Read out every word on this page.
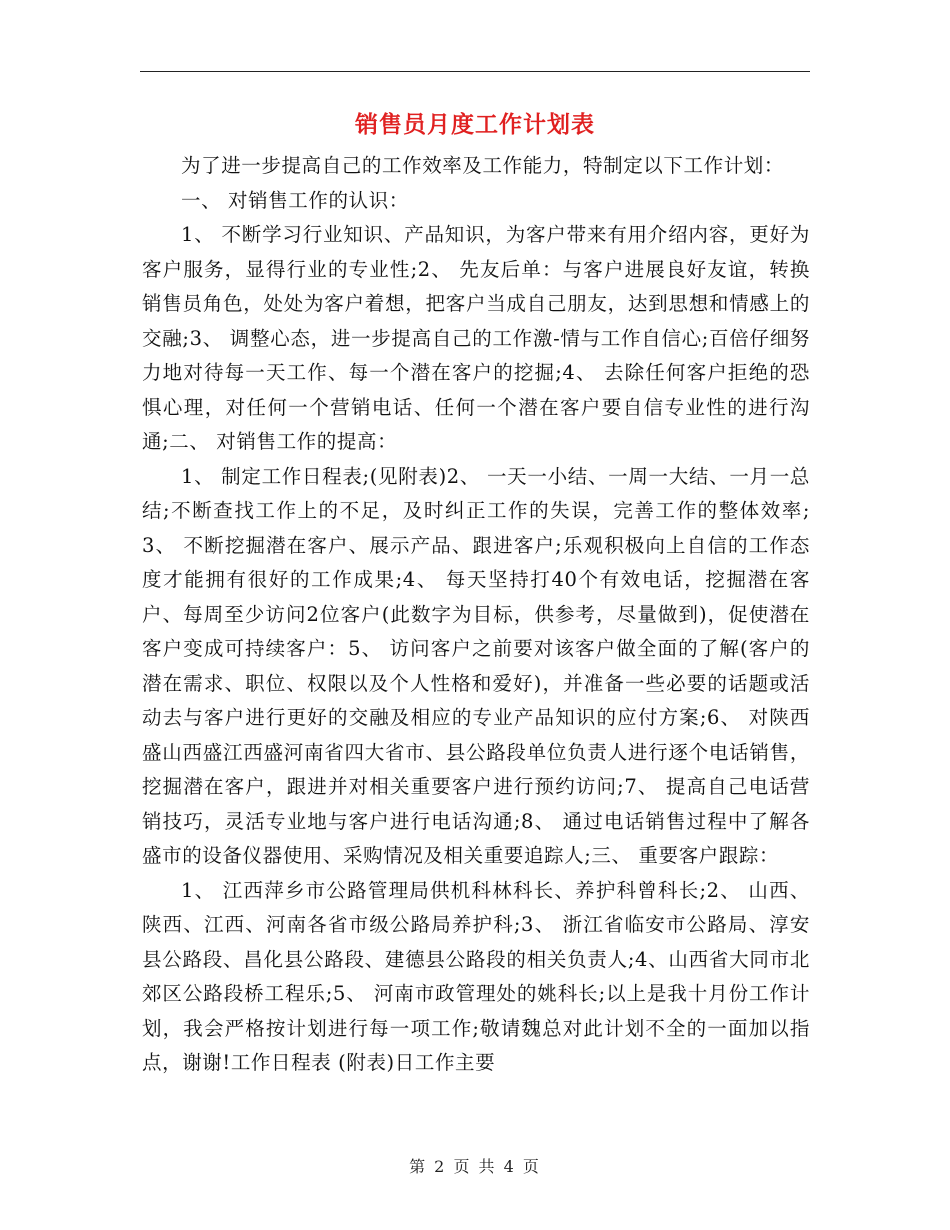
销售员月度工作计划表

为了进一步提高自己的工作效率及工作能力，特制定以下工作计划：

一、 对销售工作的认识：

1、 不断学习行业知识、产品知识，为客户带来有用介绍内容，更好为客户服务，显得行业的专业性;2、 先友后单：与客户进展良好友谊，转换销售员角色，处处为客户着想，把客户当成自己朋友，达到思想和情感上的交融;3、 调整心态，进一步提高自己的工作激-情与工作自信心;百倍仔细努力地对待每一天工作、每一个潜在客户的挖掘;4、 去除任何客户拒绝的恐惧心理，对任何一个营销电话、任何一个潜在客户要自信专业性的进行沟通;二、 对销售工作的提高：

1、 制定工作日程表;(见附表)2、 一天一小结、一周一大结、一月一总结;不断查找工作上的不足，及时纠正工作的失误，完善工作的整体效率;3、 不断挖掘潜在客户、展示产品、跟进客户;乐观积极向上自信的工作态度才能拥有很好的工作成果;4、 每天坚持打40个有效电话，挖掘潜在客户、每周至少访问2位客户(此数字为目标，供参考，尽量做到)，促使潜在客户变成可持续客户：5、 访问客户之前要对该客户做全面的了解(客户的潜在需求、职位、权限以及个人性格和爱好)，并准备一些必要的话题或活动去与客户进行更好的交融及相应的专业产品知识的应付方案;6、 对陕西盛山西盛江西盛河南省四大省市、县公路段单位负责人进行逐个电话销售，挖掘潜在客户，跟进并对相关重要客户进行预约访问;7、 提高自己电话营销技巧，灵活专业地与客户进行电话沟通;8、 通过电话销售过程中了解各盛市的设备仪器使用、采购情况及相关重要追踪人;三、 重要客户跟踪：

1、 江西萍乡市公路管理局供机科林科长、养护科曾科长;2、 山西、陕西、江西、河南各省市级公路局养护科;3、 浙江省临安市公路局、淳安县公路段、昌化县公路段、建德县公路段的相关负责人;4、山西省大同市北郊区公路段桥工程乐;5、 河南市政管理处的姚科长;以上是我十月份工作计划，我会严格按计划进行每一项工作;敬请魏总对此计划不全的一面加以指点，谢谢!工作日程表 (附表)日工作主要

第 2 页 共 4 页
